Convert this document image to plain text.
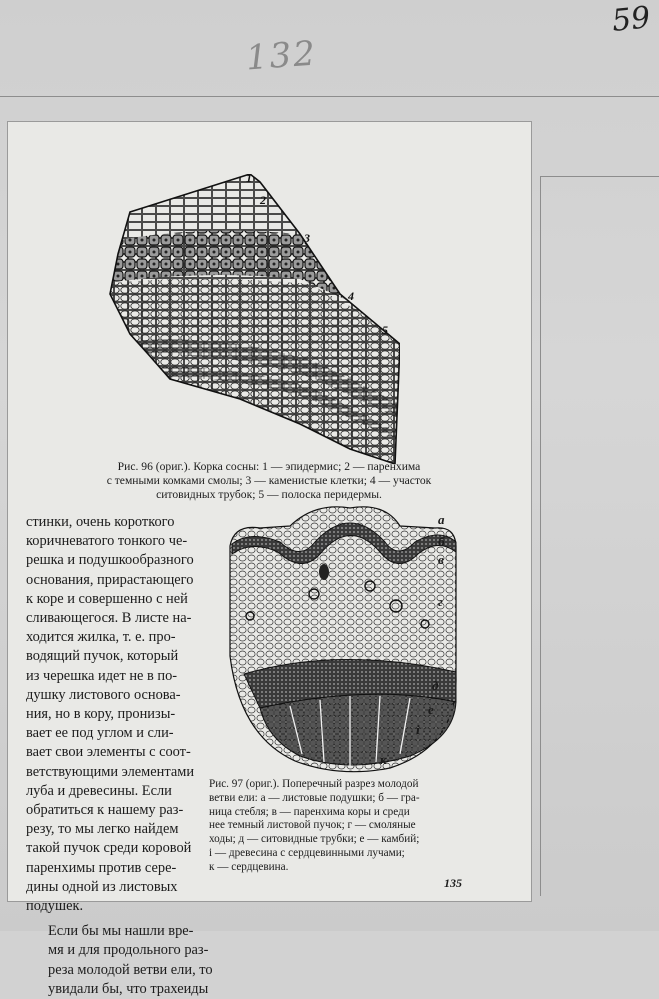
132
59
1
2
3
4
5
Рис. 96 (ориг.). Корка сосны: 1 — эпидермис; 2 — паренхима
с темными комками смолы; 3 — каменистые клетки; 4 — участок
ситовидных трубок; 5 — полоска перидермы.
стинки, очень короткого
коричневатого тонкого че-
решка и подушкообразного
основания, прирастающего
к коре и совершенно с ней
сливающегося. В листе на-
ходится жилка, т. е. про-
водящий пучок, который
из черешка идет не в по-
душку листового основа-
ния, но в кору, пронизы-
вает ее под углом и сли-
вает свои элементы с соот-
ветствующими элементами
луба и древесины. Если
обратиться к нашему раз-
резу, то мы легко найдем
такой пучок среди коровой
паренхимы против сере-
дины одной из листовых
подушек.
Если бы мы нашли вре-
мя и для продольного раз-
реза молодой ветви ели, то
увидали бы, что трахеиды
а
б
в
г
д
е
і
к
Рис. 97 (ориг.). Поперечный разрез молодой
ветви ели: а — листовые подушки; б — гра-
ница стебля; в — паренхима коры и среди
нее темный листовой пучок; г — смоляные
ходы; д — ситовидные трубки; е — камбий;
і — древесина с сердцевинными лучами;
к — сердцевина.
135
